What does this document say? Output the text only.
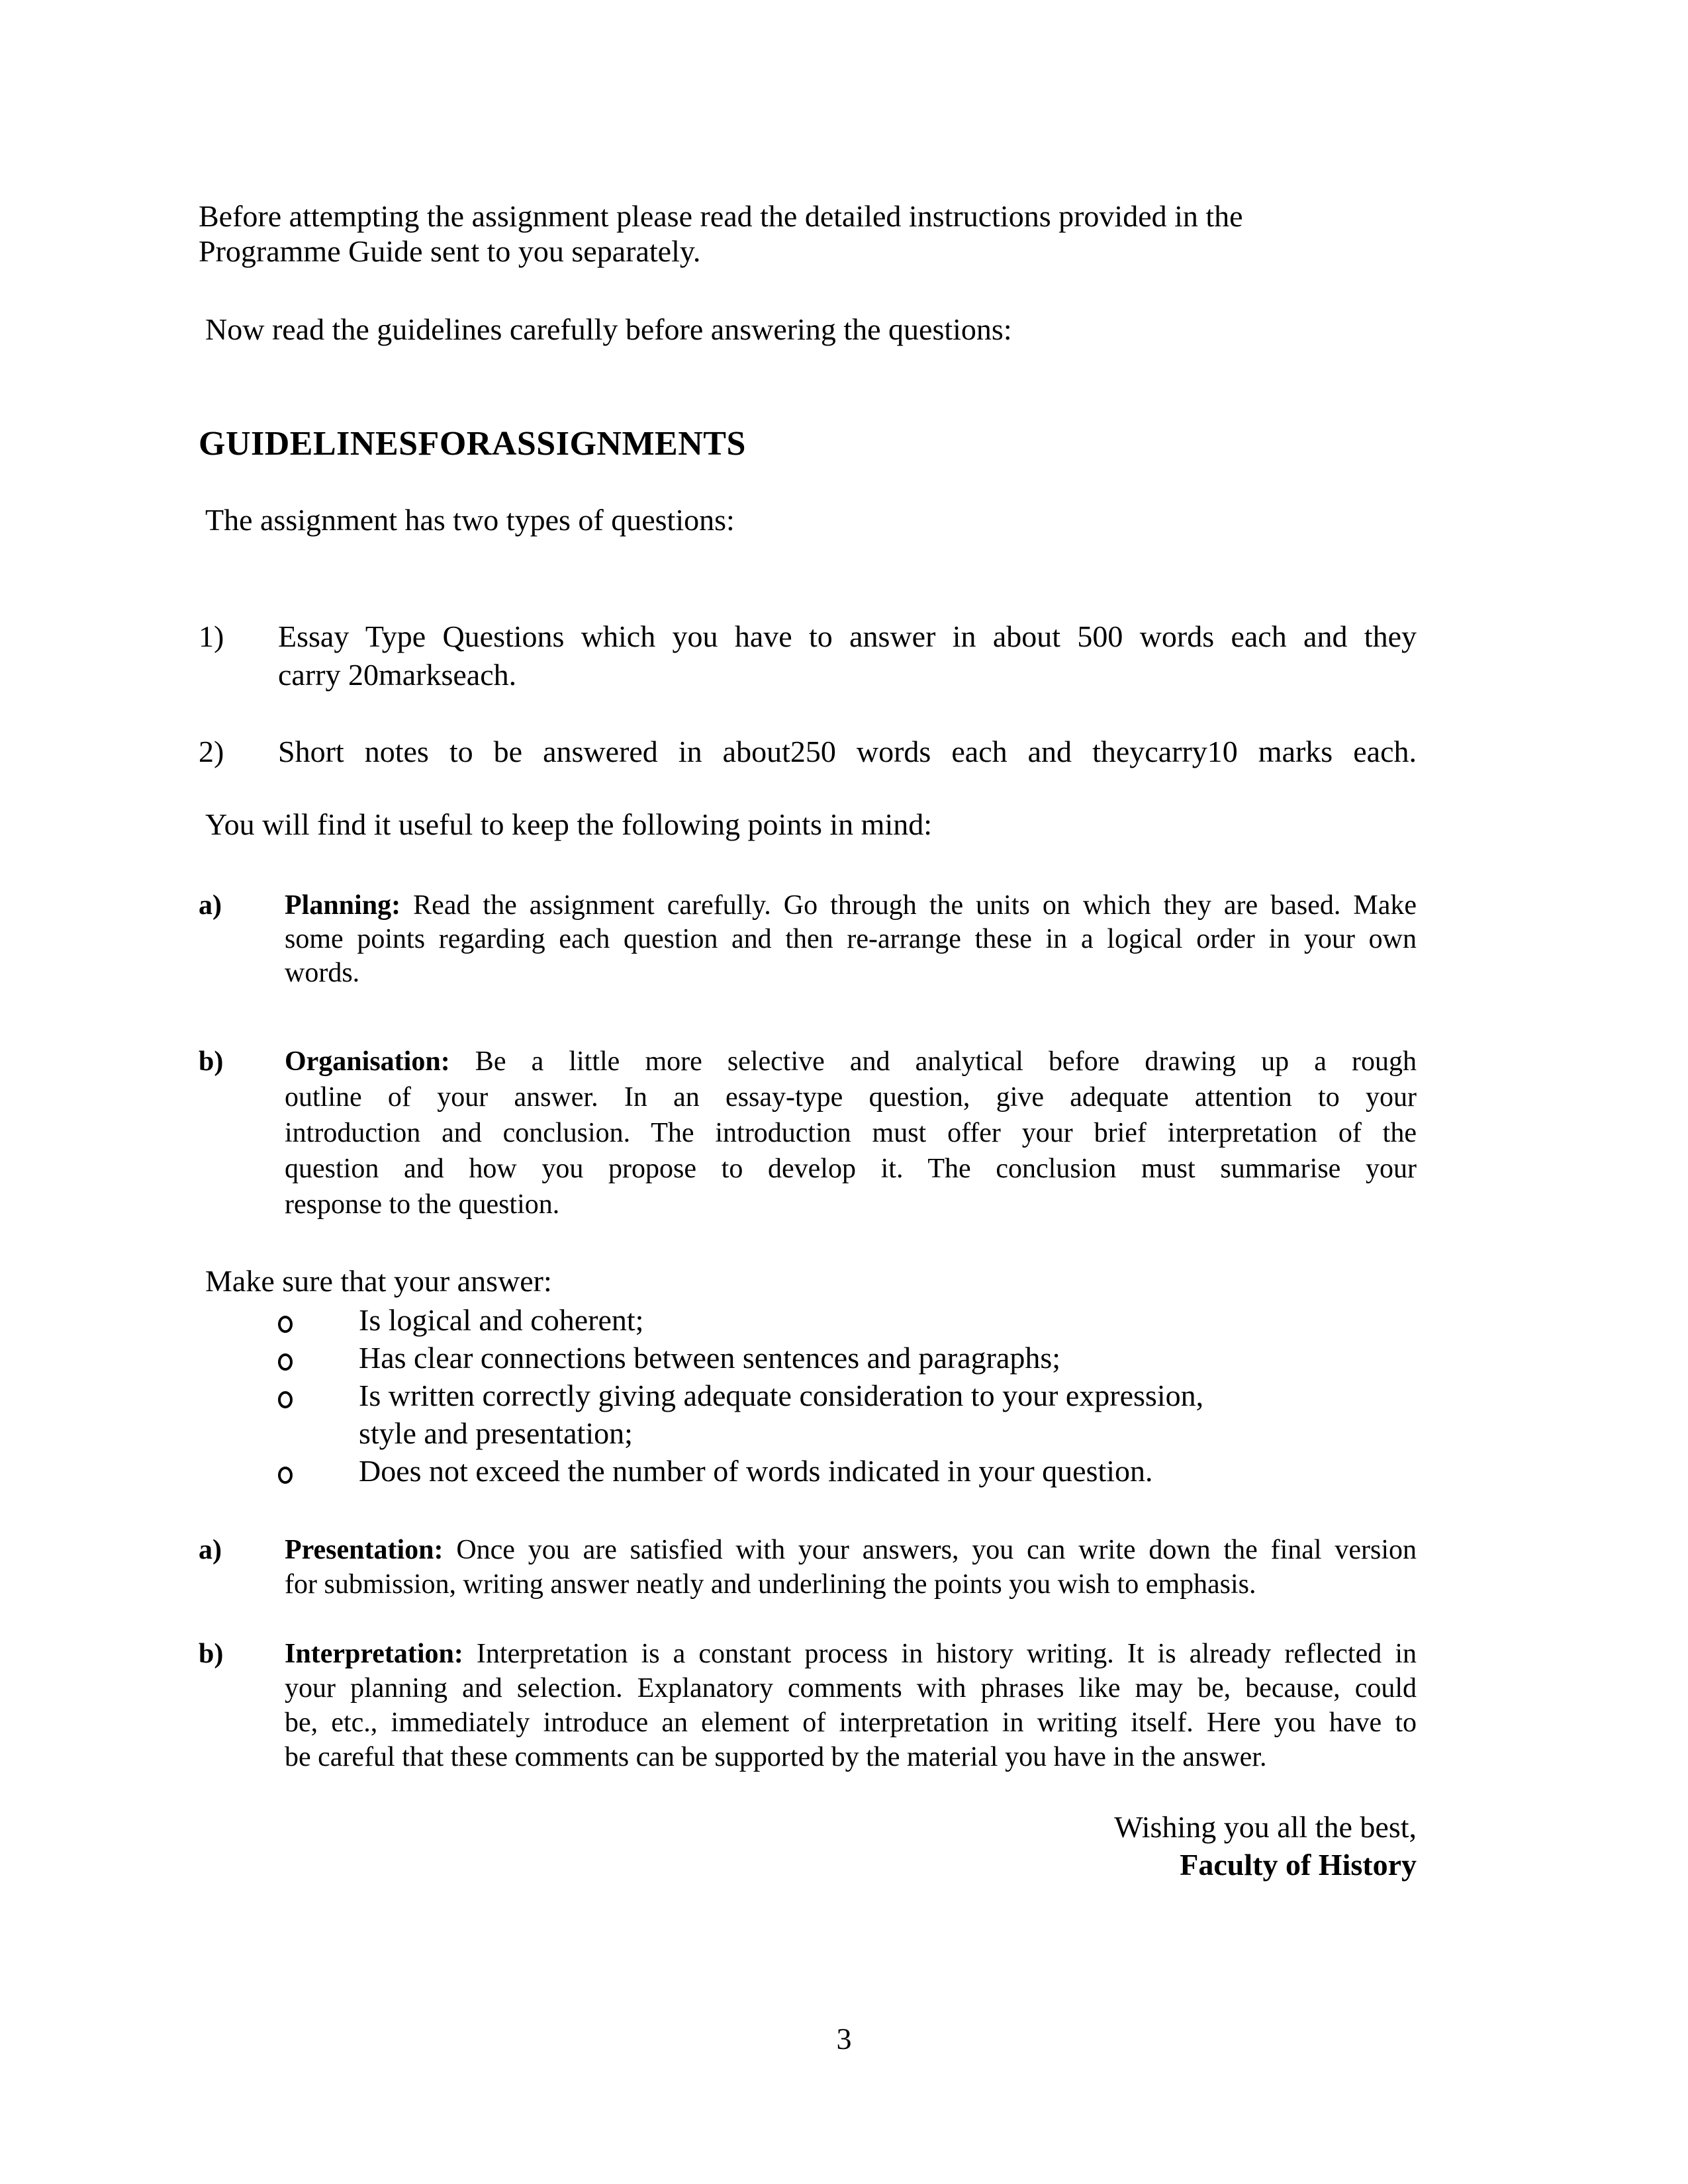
Before attempting the assignment please read the detailed instructions provided in the
Programme Guide sent to you separately.
Now read the guidelines carefully before answering the questions:
GUIDELINESFORASSIGNMENTS
The assignment has two types of questions:
1)	Essay Type Questions which you have to answer in about 500 words each and they
carry 20markseach.
2)	Short notes to be answered in about250 words each and theycarry10 marks each.
You will find it useful to keep the following points in mind:
a)	Planning: Read the assignment carefully. Go through the units on which they are based. Make
some points regarding each question and then re-arrange these in a logical order in your own
words.
b)	Organisation: Be a little more selective and analytical before drawing up a rough
outline of your answer. In an essay-type question, give adequate attention to your
introduction and conclusion. The introduction must offer your brief interpretation of the
question and how you propose to develop it. The conclusion must summarise your
response to the question.
Make sure that your answer:
Is logical and coherent;
Has clear connections between sentences and paragraphs;
Is written correctly giving adequate consideration to your expression,
style and presentation;
Does not exceed the number of words indicated in your question.
a)	Presentation: Once you are satisfied with your answers, you can write down the final version
for submission, writing answer neatly and underlining the points you wish to emphasis.
b)	Interpretation: Interpretation is a constant process in history writing. It is already reflected in
your planning and selection. Explanatory comments with phrases like may be, because, could
be, etc., immediately introduce an element of interpretation in writing itself. Here you have to
be careful that these comments can be supported by the material you have in the answer.
Wishing you all the best,
Faculty of History
3
